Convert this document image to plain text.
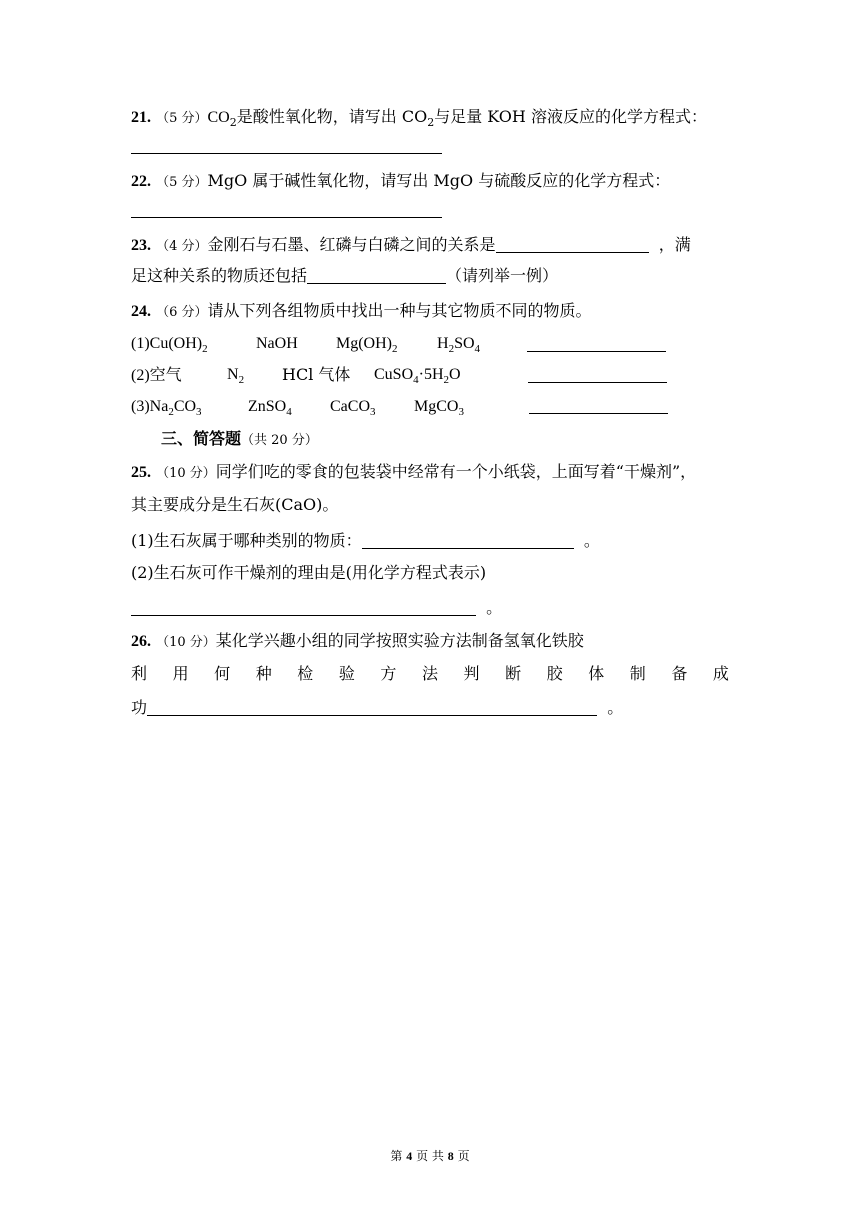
21. （5 分）$CO_2$是酸性氧化物，请写出 $CO_2$与足量 KOH 溶液反应的化学方程式：
22. （5 分）MgO 属于碱性氧化物，请写出 MgO 与硫酸反应的化学方程式：
23. （4 分）金刚石与石墨、红磷与白磷之间的关系是	，满
足这种关系的物质还包括	（请列举一例）
24. （6 分）请从下列各组物质中找出一种与其它物质不同的物质。
$(1)Cu(OH)_2$	NaOH $Mg(OH)_2$ $H_2SO_4$
(2)空气	$N_2$ HCl 气体 $CuSO_4\cdot 5H_2O$
$(3)Na_2CO_3$	ZnSO$_4$ CaCO$_3$ MgCO$_3$
三、简答题（共 20 分）
25. （10 分）同学们吃的零食的包装袋中经常有一个小纸袋，上面写着“干燥剂”，
其主要成分是生石灰(CaO)。
(1)生石灰属于哪种类别的物质：	。
(2)生石灰可作干燥剂的理由是(用化学方程式表示)
。
26. （10 分）某化学兴趣小组的同学按照实验方法制备氢氧化铁胶
利 用 何 种 检 验 方 法 判 断 胶 体 制 备 成
功	。
第 4 页 共 8 页
